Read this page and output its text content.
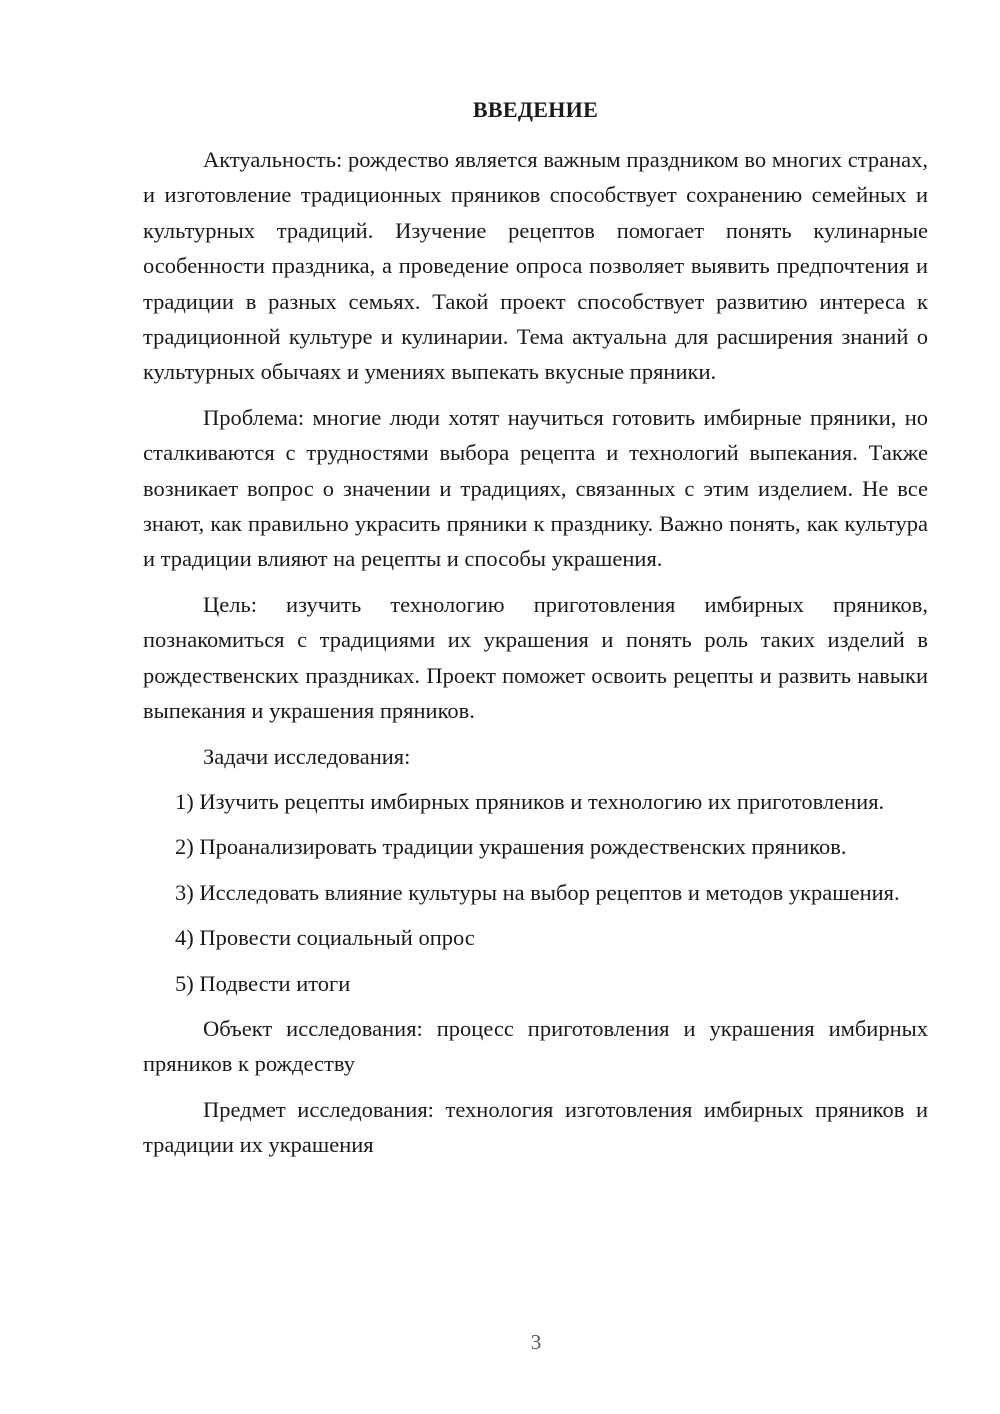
ВВЕДЕНИЕ

Актуальность: рождество является важным праздником во многих странах, и изготовление традиционных пряников способствует сохранению семейных и культурных традиций. Изучение рецептов помогает понять кулинарные особенности праздника, а проведение опроса позволяет выявить предпочтения и традиции в разных семьях. Такой проект способствует развитию интереса к традиционной культуре и кулинарии. Тема актуальна для расширения знаний о культурных обычаях и умениях выпекать вкусные пряники.

Проблема: многие люди хотят научиться готовить имбирные пряники, но сталкиваются с трудностями выбора рецепта и технологий выпекания. Также возникает вопрос о значении и традициях, связанных с этим изделием. Не все знают, как правильно украсить пряники к празднику. Важно понять, как культура и традиции влияют на рецепты и способы украшения.

Цель: изучить технологию приготовления имбирных пряников, познакомиться с традициями их украшения и понять роль таких изделий в рождественских праздниках. Проект поможет освоить рецепты и развить навыки выпекания и украшения пряников.

Задачи исследования:

1) Изучить рецепты имбирных пряников и технологию их приготовления.

2) Проанализировать традиции украшения рождественских пряников.

3) Исследовать влияние культуры на выбор рецептов и методов украшения.

4) Провести социальный опрос

5) Подвести итоги

Объект исследования: процесс приготовления и украшения имбирных пряников к рождеству

Предмет исследования: технология изготовления имбирных пряников и традиции их украшения

3
